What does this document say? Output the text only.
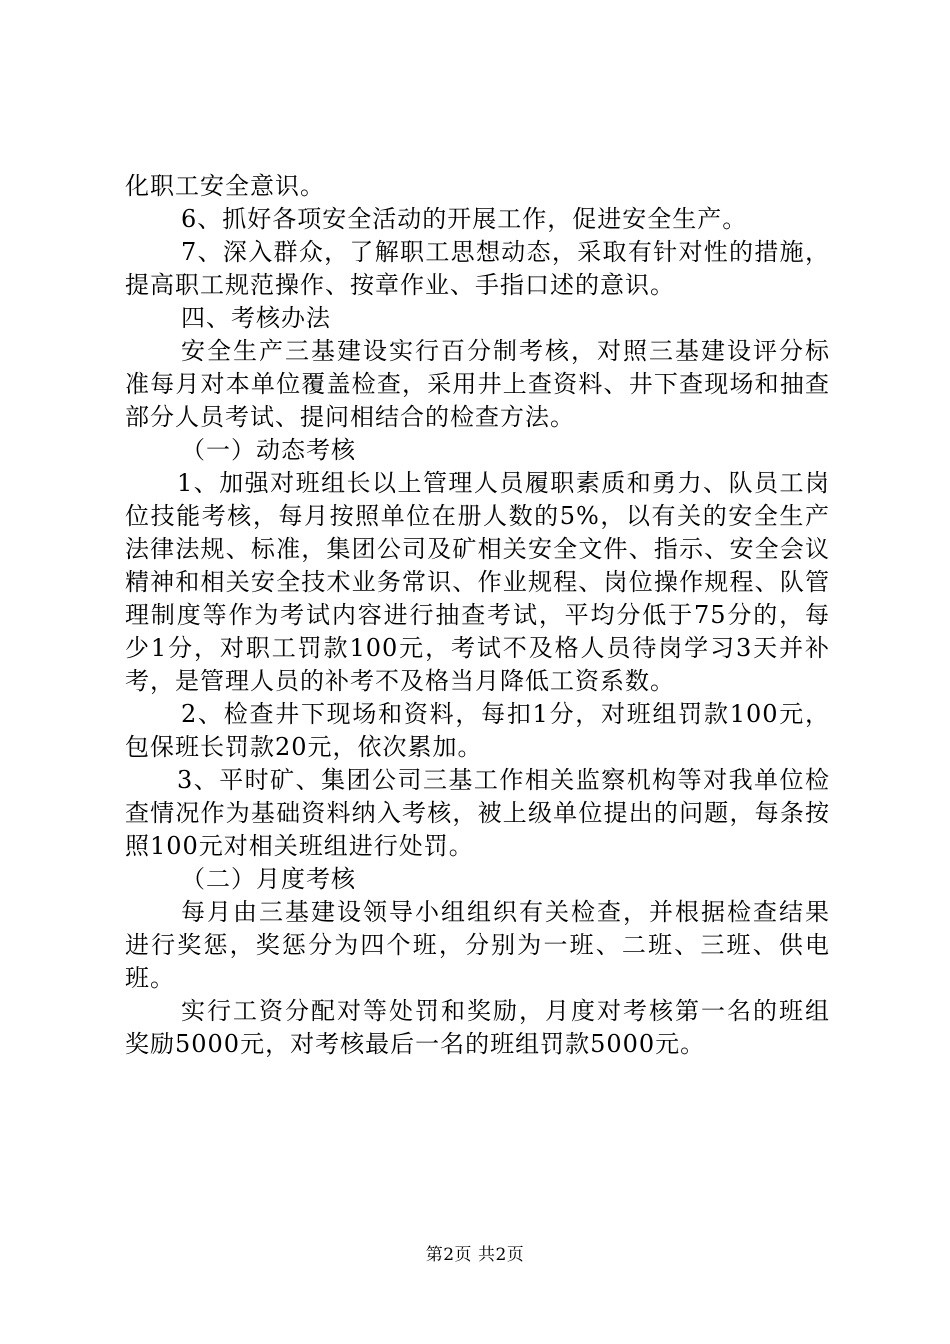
化职工安全意识。

6、抓好各项安全活动的开展工作，促进安全生产。

7、深入群众，了解职工思想动态，采取有针对性的措施，提高职工规范操作、按章作业、手指口述的意识。

四、考核办法

安全生产三基建设实行百分制考核，对照三基建设评分标准每月对本单位覆盖检查，采用井上查资料、井下查现场和抽查部分人员考试、提问相结合的检查方法。

（一）动态考核

1、加强对班组长以上管理人员履职素质和勇力、队员工岗位技能考核，每月按照单位在册人数的5%，以有关的安全生产法律法规、标准，集团公司及矿相关安全文件、指示、安全会议精神和相关安全技术业务常识、作业规程、岗位操作规程、队管理制度等作为考试内容进行抽查考试，平均分低于75分的，每少1分，对职工罚款100元，考试不及格人员待岗学习3天并补考，是管理人员的补考不及格当月降低工资系数。

2、检查井下现场和资料，每扣1分，对班组罚款100元，包保班长罚款20元，依次累加。

3、平时矿、集团公司三基工作相关监察机构等对我单位检查情况作为基础资料纳入考核，被上级单位提出的问题，每条按照100元对相关班组进行处罚。

（二）月度考核

每月由三基建设领导小组组织有关检查，并根据检查结果进行奖惩，奖惩分为四个班，分别为一班、二班、三班、供电班。

实行工资分配对等处罚和奖励，月度对考核第一名的班组奖励5000元，对考核最后一名的班组罚款5000元。

第2页 共2页
